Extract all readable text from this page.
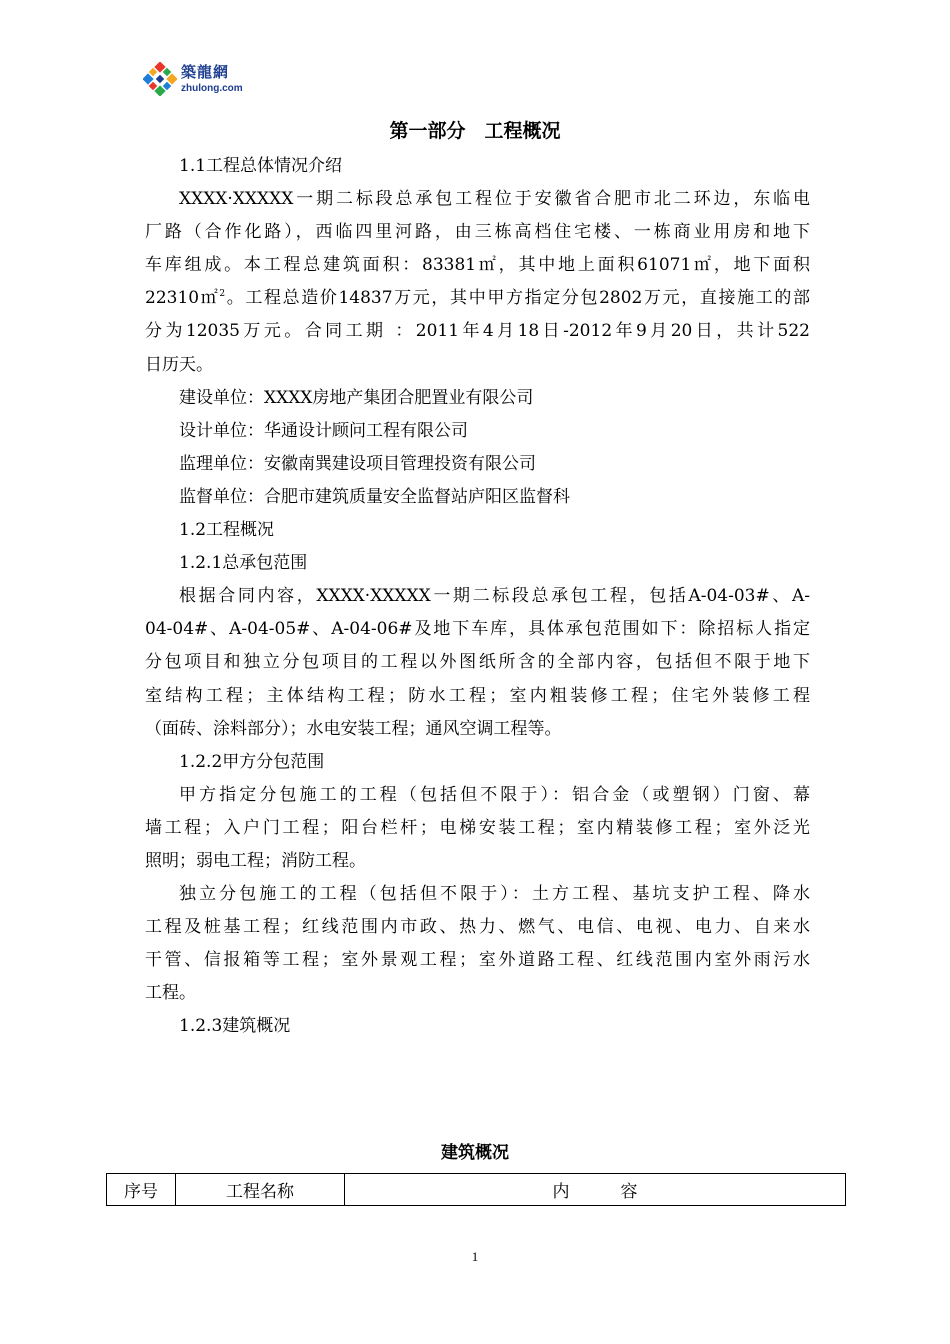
築龍網
zhulong.com
第一部分　工程概况
1.1工程总体情况介绍
XXXX·XXXXX一期二标段总承包工程位于安徽省合肥市北二环边，东临电
厂路（合作化路），西临四里河路，由三栋高档住宅楼、一栋商业用房和地下
车库组成。本工程总建筑面积：83381㎡，其中地上面积61071㎡，地下面积
22310㎡$^2$。工程总造价14837万元，其中甲方指定分包2802万元，直接施工的部
分为12035万元。合同工期 ：2011年4月18日-2012年9月20日，共计522
日历天。
建设单位：XXXX房地产集团合肥置业有限公司
设计单位：华通设计顾问工程有限公司
监理单位：安徽南巽建设项目管理投资有限公司
监督单位：合肥市建筑质量安全监督站庐阳区监督科
1.2工程概况
1.2.1总承包范围
根据合同内容，XXXX·XXXXX一期二标段总承包工程，包括A-04-03#、A-
04-04#、A-04-05#、A-04-06#及地下车库，具体承包范围如下：除招标人指定
分包项目和独立分包项目的工程以外图纸所含的全部内容，包括但不限于地下
室结构工程；主体结构工程；防水工程；室内粗装修工程；住宅外装修工程
（面砖、涂料部分）；水电安装工程；通风空调工程等。
1.2.2甲方分包范围
甲方指定分包施工的工程（包括但不限于）：铝合金（或塑钢）门窗、幕
墙工程；入户门工程；阳台栏杆；电梯安装工程；室内精装修工程；室外泛光
照明；弱电工程；消防工程。
独立分包施工的工程（包括但不限于）：土方工程、基坑支护工程、降水
工程及桩基工程；红线范围内市政、热力、燃气、电信、电视、电力、自来水
干管、信报箱等工程；室外景观工程；室外道路工程、红线范围内室外雨污水
工程。
1.2.3建筑概况
建筑概况
序号	工程名称	内　　　容
1
